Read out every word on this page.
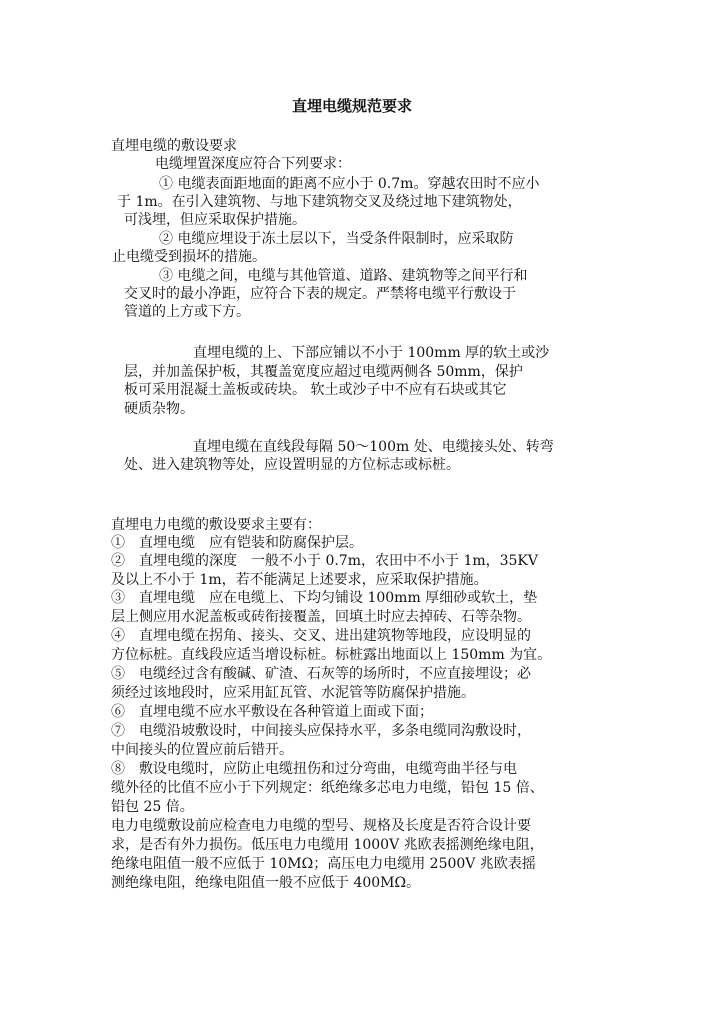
直埋电缆规范要求
直埋电缆的敷设要求
电缆埋置深度应符合下列要求：
① 电缆表面距地面的距离不应小于 0.7m。穿越农田时不应小
于 1m。在引入建筑物、与地下建筑物交叉及绕过地下建筑物处，
可浅埋，但应采取保护措施。
② 电缆应埋设于冻土层以下，当受条件限制时，应采取防
止电缆受到损坏的措施。
③ 电缆之间，电缆与其他管道、道路、建筑物等之间平行和
交叉时的最小净距，应符合下表的规定。严禁将电缆平行敷设于
管道的上方或下方。
直埋电缆的上、下部应铺以不小于 100mm 厚的软土或沙
层，并加盖保护板，其覆盖宽度应超过电缆两侧各 50mm，保护
板可采用混凝土盖板或砖块。 软土或沙子中不应有石块或其它
硬质杂物。
直埋电缆在直线段每隔 50～100m 处、电缆接头处、转弯
处、进入建筑物等处，应设置明显的方位标志或标桩。
直埋电力电缆的敷设要求主要有：
①　直埋电缆　应有铠装和防腐保护层。
②　直埋电缆的深度　一般不小于 0.7m，农田中不小于 1m，35KV
及以上不小于 1m，若不能满足上述要求，应采取保护措施。
③　直埋电缆　应在电缆上、下均匀铺设 100mm 厚细砂或软土，垫
层上侧应用水泥盖板或砖衔接覆盖，回填土时应去掉砖、石等杂物。
④　直埋电缆在拐角、接头、交叉、进出建筑物等地段，应设明显的
方位标桩。直线段应适当增设标桩。标桩露出地面以上 150mm 为宜。
⑤　电缆经过含有酸碱、矿渣、石灰等的场所时，不应直接埋设；必
须经过该地段时，应采用缸瓦管、水泥管等防腐保护措施。
⑥　直埋电缆不应水平敷设在各种管道上面或下面；
⑦　电缆沿坡敷设时，中间接头应保持水平，多条电缆同沟敷设时，
中间接头的位置应前后错开。
⑧　敷设电缆时，应防止电缆扭伤和过分弯曲，电缆弯曲半径与电
缆外径的比值不应小于下列规定：纸绝缘多芯电力电缆，铅包 15 倍、
铅包 25 倍。
电力电缆敷设前应检查电力电缆的型号、规格及长度是否符合设计要
求，是否有外力损伤。低压电力电缆用 1000V 兆欧表摇测绝缘电阻，
绝缘电阻值一般不应低于 10MΩ；高压电力电缆用 2500V 兆欧表摇
测绝缘电阻，绝缘电阻值一般不应低于 400MΩ。
